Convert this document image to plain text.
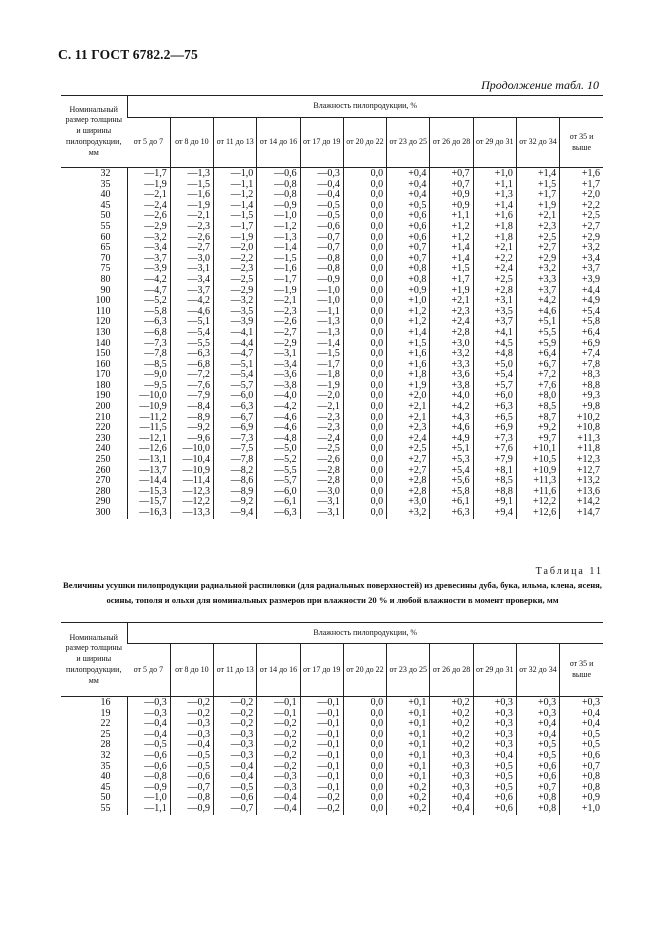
С. 11 ГОСТ 6782.2—75
Продолжение табл. 10
Номинальный размер толщины и ширины пилопродукции, мм	Влажность пилопродукции, %										
	от 5 до 7	от 8 до 10	от 11 до 13	от 14 до 16	от 17 до 19	от 20 до 22	от 23 до 25	от 26 до 28	от 29 до 31	от 32 до 34	от 35 и выше
32	—1,7	—1,3	—1,0	—0,6	—0,3	0,0	+0,4	+0,7	+1,0	+1,4	+1,6
35	—1,9	—1,5	—1,1	—0,8	—0,4	0,0	+0,4	+0,7	+1,1	+1,5	+1,7
40	—2,1	—1,6	—1,2	—0,8	—0,4	0,0	+0,4	+0,9	+1,3	+1,7	+2,0
45	—2,4	—1,9	—1,4	—0,9	—0,5	0,0	+0,5	+0,9	+1,4	+1,9	+2,2
50	—2,6	—2,1	—1,5	—1,0	—0,5	0,0	+0,6	+1,1	+1,6	+2,1	+2,5
55	—2,9	—2,3	—1,7	—1,2	—0,6	0,0	+0,6	+1,2	+1,8	+2,3	+2,7
60	—3,2	—2,6	—1,9	—1,3	—0,7	0,0	+0,6	+1,2	+1,8	+2,5	+2,9
65	—3,4	—2,7	—2,0	—1,4	—0,7	0,0	+0,7	+1,4	+2,1	+2,7	+3,2
70	—3,7	—3,0	—2,2	—1,5	—0,8	0,0	+0,7	+1,4	+2,2	+2,9	+3,4
75	—3,9	—3,1	—2,3	—1,6	—0,8	0,0	+0,8	+1,5	+2,4	+3,2	+3,7
80	—4,2	—3,4	—2,5	—1,7	—0,9	0,0	+0,8	+1,7	+2,5	+3,3	+3,9
90	—4,7	—3,7	—2,9	—1,9	—1,0	0,0	+0,9	+1,9	+2,8	+3,7	+4,4
100	—5,2	—4,2	—3,2	—2,1	—1,0	0,0	+1,0	+2,1	+3,1	+4,2	+4,9
110	—5,8	—4,6	—3,5	—2,3	—1,1	0,0	+1,2	+2,3	+3,5	+4,6	+5,4
120	—6,3	—5,1	—3,9	—2,6	—1,3	0,0	+1,2	+2,4	+3,7	+5,1	+5,8
130	—6,8	—5,4	—4,1	—2,7	—1,3	0,0	+1,4	+2,8	+4,1	+5,5	+6,4
140	—7,3	—5,5	—4,4	—2,9	—1,4	0,0	+1,5	+3,0	+4,5	+5,9	+6,9
150	—7,8	—6,3	—4,7	—3,1	—1,5	0,0	+1,6	+3,2	+4,8	+6,4	+7,4
160	—8,5	—6,8	—5,1	—3,4	—1,7	0,0	+1,6	+3,3	+5,0	+6,7	+7,8
170	—9,0	—7,2	—5,4	—3,6	—1,8	0,0	+1,8	+3,6	+5,4	+7,2	+8,3
180	—9,5	—7,6	—5,7	—3,8	—1,9	0,0	+1,9	+3,8	+5,7	+7,6	+8,8
190	—10,0	—7,9	—6,0	—4,0	—2,0	0,0	+2,0	+4,0	+6,0	+8,0	+9,3
200	—10,9	—8,4	—6,3	—4,2	—2,1	0,0	+2,1	+4,2	+6,3	+8,5	+9,8
210	—11,2	—8,9	—6,7	—4,6	—2,3	0,0	+2,1	+4,3	+6,5	+8,7	+10,2
220	—11,5	—9,2	—6,9	—4,6	—2,3	0,0	+2,3	+4,6	+6,9	+9,2	+10,8
230	—12,1	—9,6	—7,3	—4,8	—2,4	0,0	+2,4	+4,9	+7,3	+9,7	+11,3
240	—12,6	—10,0	—7,5	—5,0	—2,5	0,0	+2,5	+5,1	+7,6	+10,1	+11,8
250	—13,1	—10,4	—7,8	—5,2	—2,6	0,0	+2,7	+5,3	+7,9	+10,5	+12,3
260	—13,7	—10,9	—8,2	—5,5	—2,8	0,0	+2,7	+5,4	+8,1	+10,9	+12,7
270	—14,4	—11,4	—8,6	—5,7	—2,8	0,0	+2,8	+5,6	+8,5	+11,3	+13,2
280	—15,3	—12,3	—8,9	—6,0	—3,0	0,0	+2,8	+5,8	+8,8	+11,6	+13,6
290	—15,7	—12,2	—9,2	—6,1	—3,1	0,0	+3,0	+6,1	+9,1	+12,2	+14,2
300	—16,3	—13,3	—9,4	—6,3	—3,1	0,0	+3,2	+6,3	+9,4	+12,6	+14,7
Таблица 11
Величины усушки пилопродукции радиальной распиловки (для радиальных поверхностей) из древесины дуба, бука, ильма, клена, ясеня, осины, тополя и ольхи для номинальных размеров при влажности 20 % и любой влажности в момент проверки, мм
Номинальный размер толщины и ширины пилопродукции, мм	Влажность пилопродукции, %										
	от 5 до 7	от 8 до 10	от 11 до 13	от 14 до 16	от 17 до 19	от 20 до 22	от 23 до 25	от 26 до 28	от 29 до 31	от 32 до 34	от 35 и выше
16	—0,3	—0,2	—0,2	—0,1	—0,1	0,0	+0,1	+0,2	+0,3	+0,3	+0,3
19	—0,3	—0,2	—0,2	—0,1	—0,1	0,0	+0,1	+0,2	+0,3	+0,3	+0,4
22	—0,4	—0,3	—0,2	—0,2	—0,1	0,0	+0,1	+0,2	+0,3	+0,4	+0,4
25	—0,4	—0,3	—0,3	—0,2	—0,1	0,0	+0,1	+0,2	+0,3	+0,4	+0,5
28	—0,5	—0,4	—0,3	—0,2	—0,1	0,0	+0,1	+0,2	+0,3	+0,5	+0,5
32	—0,6	—0,5	—0,3	—0,2	—0,1	0,0	+0,1	+0,3	+0,4	+0,5	+0,6
35	—0,6	—0,5	—0,4	—0,2	—0,1	0,0	+0,1	+0,3	+0,5	+0,6	+0,7
40	—0,8	—0,6	—0,4	—0,3	—0,1	0,0	+0,1	+0,3	+0,5	+0,6	+0,8
45	—0,9	—0,7	—0,5	—0,3	—0,1	0,0	+0,2	+0,3	+0,5	+0,7	+0,8
50	—1,0	—0,8	—0,6	—0,4	—0,2	0,0	+0,2	+0,4	+0,6	+0,8	+0,9
55	—1,1	—0,9	—0,7	—0,4	—0,2	0,0	+0,2	+0,4	+0,6	+0,8	+1,0
